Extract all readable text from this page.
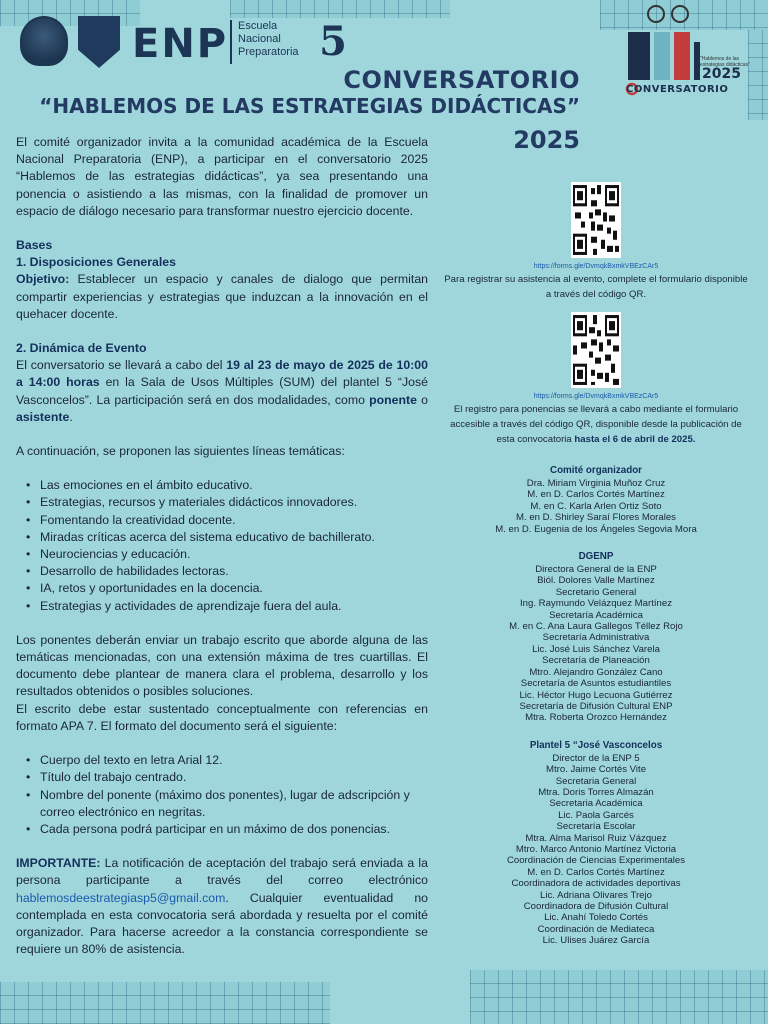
ENP Escuela
Nacional
Preparatoria 5	"Hablemos de las estrategias didácticas"
2025
CONVERSATORIO
CONVERSATORIO
“HABLEMOS DE LAS ESTRATEGIAS DIDÁCTICAS”
2025

El comité organizador invita a la comunidad académica de la Escuela Nacional Preparatoria (ENP), a participar en el conversatorio 2025 “Hablemos de las estrategias didácticas”, ya sea presentando una ponencia o asistiendo a las mismas, con la finalidad de promover un espacio de diálogo necesario para transformar nuestro ejercicio docente.

Bases

1. Disposiciones Generales

Objetivo: Establecer un espacio y canales de dialogo que permitan compartir experiencias y estrategias que induzcan a la innovación en el quehacer docente.

2. Dinámica de Evento

El conversatorio se llevará a cabo del 19 al 23 de mayo de 2025 de 10:00 a 14:00 horas en la Sala de Usos Múltiples (SUM) del plantel 5 “José Vasconcelos”. La participación será en dos modalidades, como ponente o asistente.

A continuación, se proponen las siguientes líneas temáticas:

• Las emociones en el ámbito educativo.
• Estrategias, recursos y materiales didácticos innovadores.
• Fomentando la creatividad docente.
• Miradas críticas acerca del sistema educativo de bachillerato.
• Neurociencias y educación.
• Desarrollo de habilidades lectoras.
• IA, retos y oportunidades en la docencia.
• Estrategias y actividades de aprendizaje fuera del aula.

Los ponentes deberán enviar un trabajo escrito que aborde alguna de las temáticas mencionadas, con una extensión máxima de tres cuartillas. El documento debe plantear de manera clara el problema, desarrollo y los resultados obtenidos o posibles soluciones.

El escrito debe estar sustentado conceptualmente con referencias en formato APA 7. El formato del documento será el siguiente:

• Cuerpo del texto en letra Arial 12.
• Título del trabajo centrado.
• Nombre del ponente (máximo dos ponentes), lugar de adscripción y correo electrónico en negritas.
• Cada persona podrá participar en un máximo de dos ponencias.

IMPORTANTE: La notificación de aceptación del trabajo será enviada a la persona participante a través del correo electrónico hablemosdeestrategiasp5@gmail.com. Cualquier eventualidad no contemplada en esta convocatoria será abordada y resuelta por el comité organizador. Para hacerse acreedor a la constancia correspondiente se requiere un 80% de asistencia.

https://forms.gle/DvmqkBxmkVBEzCAr5
Para registrar su asistencia al evento, complete el formulario disponible a través del código QR.
https://forms.gle/DvmqkBxmkVBEzCAr5
El registro para ponencias se llevará a cabo mediante el formulario accesible a través del código QR, disponible desde la publicación de esta convocatoria hasta el 6 de abril de 2025.
Comité organizador
Dra. Miriam Virginia Muñoz Cruz
M. en D. Carlos Cortés Martínez
M. en C. Karla Arlen Ortiz Soto
M. en D. Shirley Saraí Flores Morales
M. en D. Eugenia de los Ángeles Segovia Mora
DGENP
Directora General de la ENP
Biól. Dolores Valle Martínez
Secretario General
Ing. Raymundo Velázquez Martínez
Secretaría Académica
M. en C. Ana Laura Gallegos Téllez Rojo
Secretaría Administrativa
Lic. José Luis Sánchez Varela
Secretaría de Planeación
Mtro. Alejandro González Cano
Secretaría de Asuntos estudiantiles
Lic. Héctor Hugo Lecuona Gutiérrez
Secretaría de Difusión Cultural ENP
Mtra. Roberta Orozco Hernández
Plantel 5 “José Vasconcelos
Director de la ENP 5
Mtro. Jaime Cortés Vite
Secretaria General
Mtra. Doris Torres Almazán
Secretaria Académica
Lic. Paola Garcés
Secretaría Escolar
Mtra. Alma Marisol Ruiz Vázquez
Mtro. Marco Antonio Martínez Victoria
Coordinación de Ciencias Experimentales
M. en D. Carlos Cortés Martínez
Coordinadora de actividades deportivas
Lic. Adriana Olivares Trejo
Coordinadora de Difusión Cultural
Lic. Anahí Toledo Cortés
Coordinación de Mediateca
Lic. Ulises Juárez García
